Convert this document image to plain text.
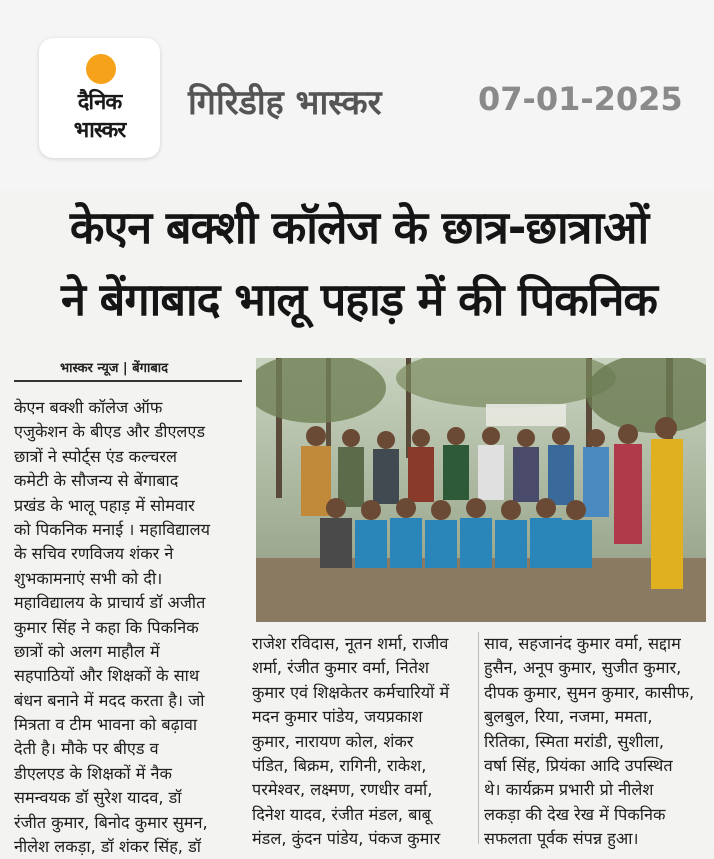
दैनिक
भास्कर
गिरिडीह भास्कर	07-01-2025
केएन बक्शी कॉलेज के छात्र-छात्राओं
ने बेंगाबाद भालू पहाड़ में की पिकनिक
भास्कर न्यूज | बेंगाबाद
केएन बक्शी कॉलेज ऑफ
एजुकेशन के बीएड और डीएलएड
छात्रों ने स्पोर्ट्स एंड कल्चरल
कमेटी के सौजन्य से बेंगाबाद
प्रखंड के भालू पहाड़ में सोमवार
को पिकनिक मनाई । महाविद्यालय
के सचिव रणविजय शंकर ने
शुभकामनाएं सभी को दी।
महाविद्यालय के प्राचार्य डॉ अजीत
कुमार सिंह ने कहा कि पिकनिक
छात्रों को अलग माहौल में
सहपाठियों और शिक्षकों के साथ
बंधन बनाने में मदद करता है। जो
मित्रता व टीम भावना को बढ़ावा
देती है। मौके पर बीएड व
डीएलएड के शिक्षकों में नैक
समन्वयक डॉ सुरेश यादव, डॉ
रंजीत कुमार, बिनोद कुमार सुमन,
नीलेश लकड़ा, डॉ शंकर सिंह, डॉ
राजेश रविदास, नूतन शर्मा, राजीव
शर्मा, रंजीत कुमार वर्मा, नितेश
कुमार एवं शिक्षकेतर कर्मचारियों में
मदन कुमार पांडेय, जयप्रकाश
कुमार, नारायण कोल, शंकर
पंडित, बिक्रम, रागिनी, राकेश,
परमेश्वर, लक्ष्मण, रणधीर वर्मा,
दिनेश यादव, रंजीत मंडल, बाबू
मंडल, कुंदन पांडेय, पंकज कुमार
साव, सहजानंद कुमार वर्मा, सद्दाम
हुसैन, अनूप कुमार, सुजीत कुमार,
दीपक कुमार, सुमन कुमार, कासीफ,
बुलबुल, रिया, नजमा, ममता,
रितिका, स्मिता मरांडी, सुशीला,
वर्षा सिंह, प्रियंका आदि उपस्थित
थे। कार्यक्रम प्रभारी प्रो नीलेश
लकड़ा की देख रेख में पिकनिक
सफलता पूर्वक संपन्न हुआ।
